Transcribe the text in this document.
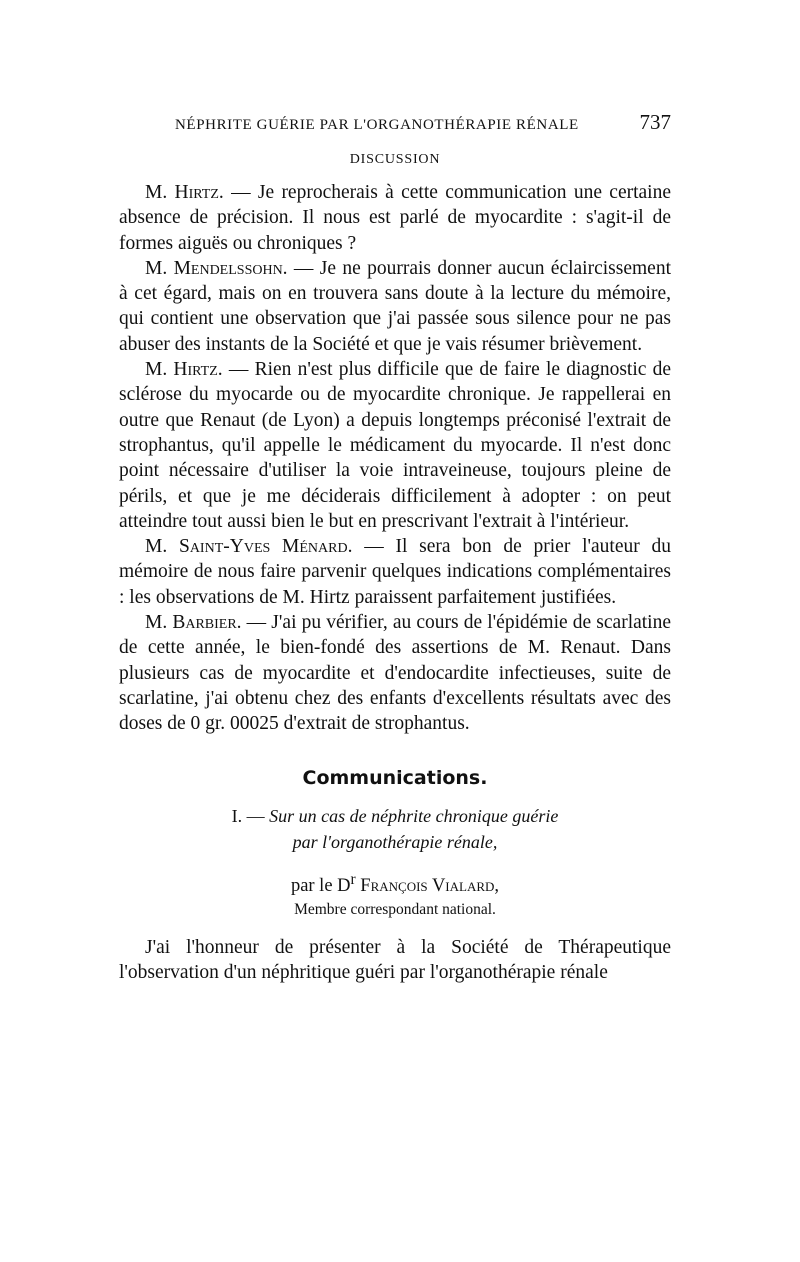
NÉPHRITE GUÉRIE PAR L'ORGANOTHÉRAPIE RÉNALE	737
DISCUSSION

M. Hirtz. — Je reprocherais à cette communication une certaine absence de précision. Il nous est parlé de myocardite : s'agit-il de formes aiguës ou chroniques ?

M. Mendelssohn. — Je ne pourrais donner aucun éclaircissement à cet égard, mais on en trouvera sans doute à la lecture du mémoire, qui contient une observation que j'ai passée sous silence pour ne pas abuser des instants de la Société et que je vais résumer brièvement.

M. Hirtz. — Rien n'est plus difficile que de faire le diagnostic de sclérose du myocarde ou de myocardite chronique. Je rappellerai en outre que Renaut (de Lyon) a depuis longtemps préconisé l'extrait de strophantus, qu'il appelle le médicament du myocarde. Il n'est donc point nécessaire d'utiliser la voie intraveineuse, toujours pleine de périls, et que je me déciderais difficilement à adopter : on peut atteindre tout aussi bien le but en prescrivant l'extrait à l'intérieur.

M. Saint-Yves Ménard. — Il sera bon de prier l'auteur du mémoire de nous faire parvenir quelques indications complémentaires : les observations de M. Hirtz paraissent parfaitement justifiées.

M. Barbier. — J'ai pu vérifier, au cours de l'épidémie de scarlatine de cette année, le bien-fondé des assertions de M. Renaut. Dans plusieurs cas de myocardite et d'endocardite infectieuses, suite de scarlatine, j'ai obtenu chez des enfants d'excellents résultats avec des doses de 0 gr. 00025 d'extrait de strophantus.

Communications.
I. — Sur un cas de néphrite chronique guérie
par l'organothérapie rénale,
par le $D^r$ François Vialard,
Membre correspondant national.

J'ai l'honneur de présenter à la Société de Thérapeutique l'observation d'un néphritique guéri par l'organothérapie rénale
